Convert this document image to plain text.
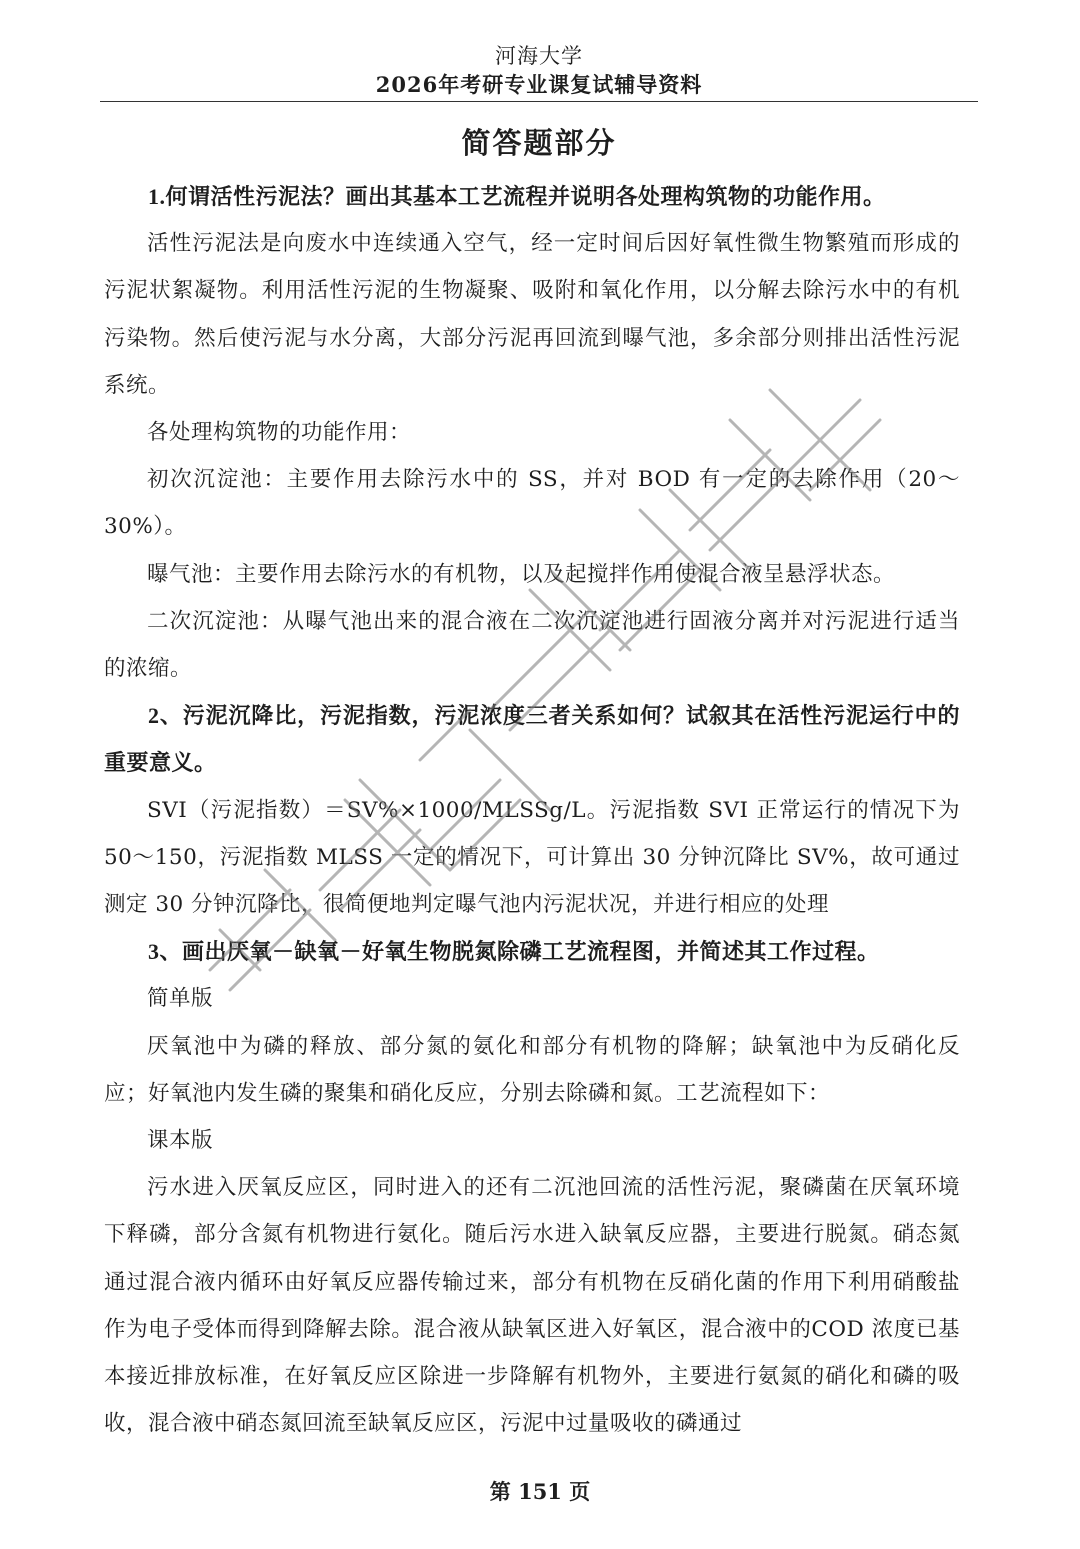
河海大学
2026年考研专业课复试辅导资料
简答题部分

1.何谓活性污泥法？画出其基本工艺流程并说明各处理构筑物的功能作用。

活性污泥法是向废水中连续通入空气，经一定时间后因好氧性微生物繁殖而形成的污泥状絮凝物。利用活性污泥的生物凝聚、吸附和氧化作用，以分解去除污水中的有机污染物。然后使污泥与水分离，大部分污泥再回流到曝气池，多余部分则排出活性污泥系统。

各处理构筑物的功能作用：

初次沉淀池：主要作用去除污水中的 SS，并对 BOD 有一定的去除作用（20～30%）。

曝气池：主要作用去除污水的有机物，以及起搅拌作用使混合液呈悬浮状态。

二次沉淀池：从曝气池出来的混合液在二次沉淀池进行固液分离并对污泥进行适当的浓缩。

2、污泥沉降比，污泥指数，污泥浓度三者关系如何？试叙其在活性污泥运行中的重要意义。

SVI（污泥指数）＝SV%×1000/MLSSg/L。污泥指数 SVI 正常运行的情况下为50～150，污泥指数 MLSS 一定的情况下，可计算出 30 分钟沉降比 SV%，故可通过测定 30 分钟沉降比，很简便地判定曝气池内污泥状况，并进行相应的处理

3、画出厌氧－缺氧－好氧生物脱氮除磷工艺流程图，并简述其工作过程。

简单版

厌氧池中为磷的释放、部分氮的氨化和部分有机物的降解；缺氧池中为反硝化反应；好氧池内发生磷的聚集和硝化反应，分别去除磷和氮。工艺流程如下：

课本版

污水进入厌氧反应区，同时进入的还有二沉池回流的活性污泥，聚磷菌在厌氧环境下释磷，部分含氮有机物进行氨化。随后污水进入缺氧反应器，主要进行脱氮。硝态氮通过混合液内循环由好氧反应器传输过来，部分有机物在反硝化菌的作用下利用硝酸盐作为电子受体而得到降解去除。混合液从缺氧区进入好氧区，混合液中的COD 浓度已基本接近排放标准，在好氧反应区除进一步降解有机物外，主要进行氨氮的硝化和磷的吸收，混合液中硝态氮回流至缺氧反应区，污泥中过量吸收的磷通过

第 151 页
